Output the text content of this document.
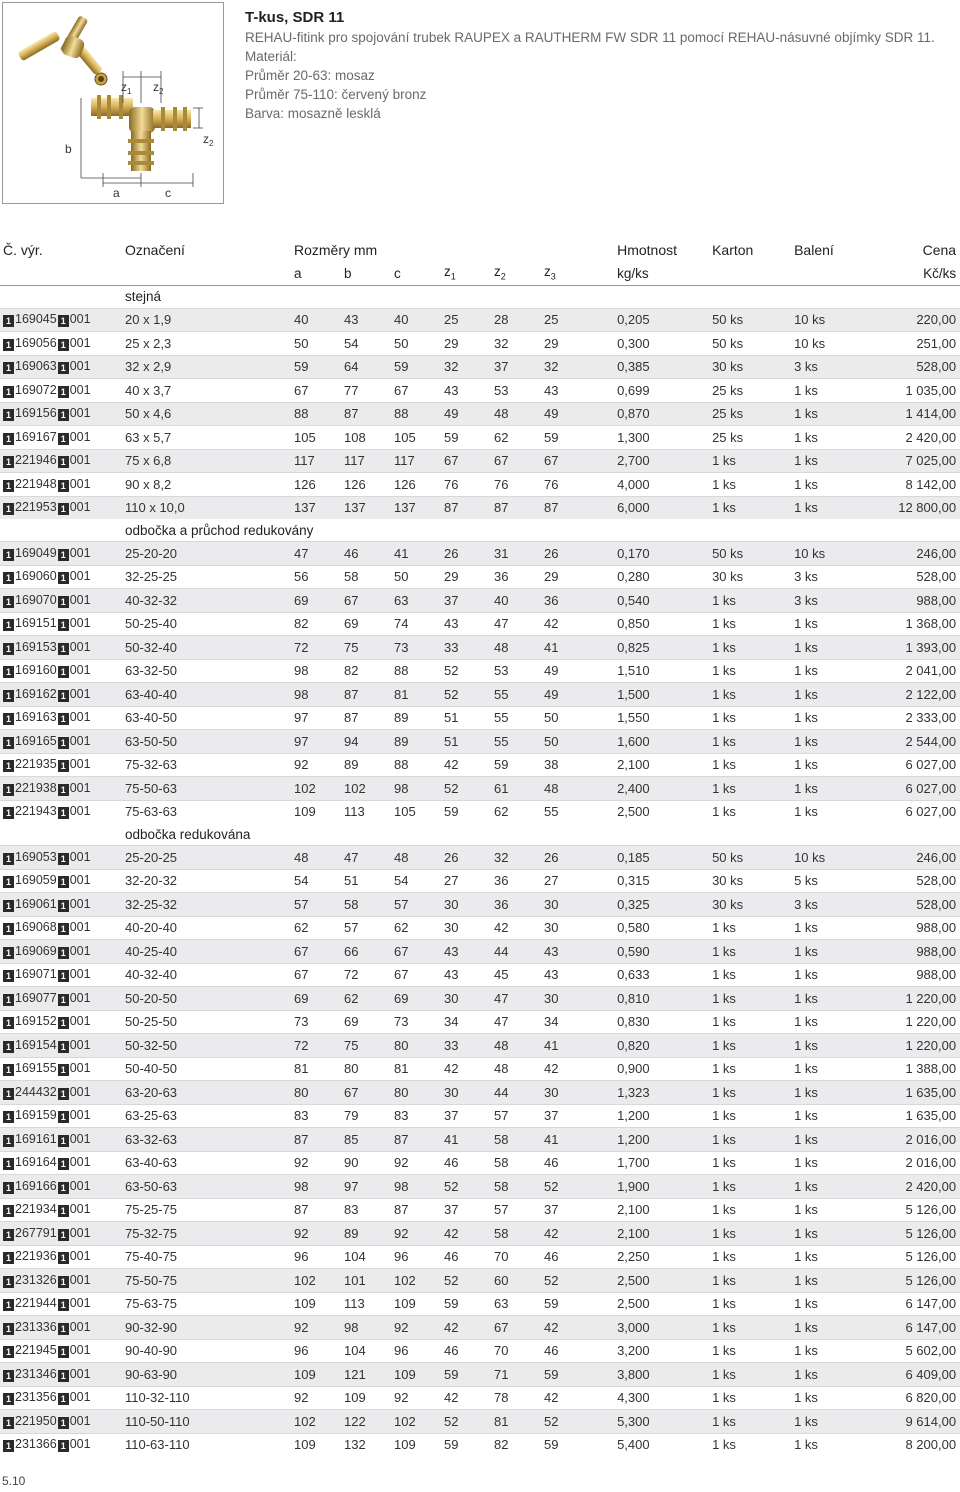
$z_1$ $z_2$
$z_2$
b
a	c
T-kus, SDR 11
REHAU-fitink pro spojování trubek RAUPEX a RAUTHERM FW SDR 11 pomocí REHAU-násuvné objímky SDR 11.
Materiál:
Průměr 20-63: mosaz
Průměr 75-110: červený bronz
Barva: mosazně lesklá
Č. výr.	Označení	Rozměry mm						Hmotnost	Karton	Balení	Cena
		a	b	c	$z_1$	$z_2$	$z_3$	kg/ks			Kč/ks
	stejná										
1 169045 1 001	20 x 1,9	40	43	40	25	28	25	0,205	50 ks	10 ks	220,00
1 169056 1 001	25 x 2,3	50	54	50	29	32	29	0,300	50 ks	10 ks	251,00
1 169063 1 001	32 x 2,9	59	64	59	32	37	32	0,385	30 ks	3 ks	528,00
1 169072 1 001	40 x 3,7	67	77	67	43	53	43	0,699	25 ks	1 ks	1 035,00
1 169156 1 001	50 x 4,6	88	87	88	49	48	49	0,870	25 ks	1 ks	1 414,00
1 169167 1 001	63 x 5,7	105	108	105	59	62	59	1,300	25 ks	1 ks	2 420,00
1 221946 1 001	75 x 6,8	117	117	117	67	67	67	2,700	1 ks	1 ks	7 025,00
1 221948 1 001	90 x 8,2	126	126	126	76	76	76	4,000	1 ks	1 ks	8 142,00
1 221953 1 001	110 x 10,0	137	137	137	87	87	87	6,000	1 ks	1 ks	12 800,00
	odbočka a průchod redukovány										
1 169049 1 001	25-20-20	47	46	41	26	31	26	0,170	50 ks	10 ks	246,00
1 169060 1 001	32-25-25	56	58	50	29	36	29	0,280	30 ks	3 ks	528,00
1 169070 1 001	40-32-32	69	67	63	37	40	36	0,540	1 ks	3 ks	988,00
1 169151 1 001	50-25-40	82	69	74	43	47	42	0,850	1 ks	1 ks	1 368,00
1 169153 1 001	50-32-40	72	75	73	33	48	41	0,825	1 ks	1 ks	1 393,00
1 169160 1 001	63-32-50	98	82	88	52	53	49	1,510	1 ks	1 ks	2 041,00
1 169162 1 001	63-40-40	98	87	81	52	55	49	1,500	1 ks	1 ks	2 122,00
1 169163 1 001	63-40-50	97	87	89	51	55	50	1,550	1 ks	1 ks	2 333,00
1 169165 1 001	63-50-50	97	94	89	51	55	50	1,600	1 ks	1 ks	2 544,00
1 221935 1 001	75-32-63	92	89	88	42	59	38	2,100	1 ks	1 ks	6 027,00
1 221938 1 001	75-50-63	102	102	98	52	61	48	2,400	1 ks	1 ks	6 027,00
1 221943 1 001	75-63-63	109	113	105	59	62	55	2,500	1 ks	1 ks	6 027,00
	odbočka redukována										
1 169053 1 001	25-20-25	48	47	48	26	32	26	0,185	50 ks	10 ks	246,00
1 169059 1 001	32-20-32	54	51	54	27	36	27	0,315	30 ks	5 ks	528,00
1 169061 1 001	32-25-32	57	58	57	30	36	30	0,325	30 ks	3 ks	528,00
1 169068 1 001	40-20-40	62	57	62	30	42	30	0,580	1 ks	1 ks	988,00
1 169069 1 001	40-25-40	67	66	67	43	44	43	0,590	1 ks	1 ks	988,00
1 169071 1 001	40-32-40	67	72	67	43	45	43	0,633	1 ks	1 ks	988,00
1 169077 1 001	50-20-50	69	62	69	30	47	30	0,810	1 ks	1 ks	1 220,00
1 169152 1 001	50-25-50	73	69	73	34	47	34	0,830	1 ks	1 ks	1 220,00
1 169154 1 001	50-32-50	72	75	80	33	48	41	0,820	1 ks	1 ks	1 220,00
1 169155 1 001	50-40-50	81	80	81	42	48	42	0,900	1 ks	1 ks	1 388,00
1 244432 1 001	63-20-63	80	67	80	30	44	30	1,323	1 ks	1 ks	1 635,00
1 169159 1 001	63-25-63	83	79	83	37	57	37	1,200	1 ks	1 ks	1 635,00
1 169161 1 001	63-32-63	87	85	87	41	58	41	1,200	1 ks	1 ks	2 016,00
1 169164 1 001	63-40-63	92	90	92	46	58	46	1,700	1 ks	1 ks	2 016,00
1 169166 1 001	63-50-63	98	97	98	52	58	52	1,900	1 ks	1 ks	2 420,00
1 221934 1 001	75-25-75	87	83	87	37	57	37	2,100	1 ks	1 ks	5 126,00
1 267791 1 001	75-32-75	92	89	92	42	58	42	2,100	1 ks	1 ks	5 126,00
1 221936 1 001	75-40-75	96	104	96	46	70	46	2,250	1 ks	1 ks	5 126,00
1 231326 1 001	75-50-75	102	101	102	52	60	52	2,500	1 ks	1 ks	5 126,00
1 221944 1 001	75-63-75	109	113	109	59	63	59	2,500	1 ks	1 ks	6 147,00
1 231336 1 001	90-32-90	92	98	92	42	67	42	3,000	1 ks	1 ks	6 147,00
1 221945 1 001	90-40-90	96	104	96	46	70	46	3,200	1 ks	1 ks	5 602,00
1 231346 1 001	90-63-90	109	121	109	59	71	59	3,800	1 ks	1 ks	6 409,00
1 231356 1 001	110-32-110	92	109	92	42	78	42	4,300	1 ks	1 ks	6 820,00
1 221950 1 001	110-50-110	102	122	102	52	81	52	5,300	1 ks	1 ks	9 614,00
1 231366 1 001	110-63-110	109	132	109	59	82	59	5,400	1 ks	1 ks	8 200,00
5.10
